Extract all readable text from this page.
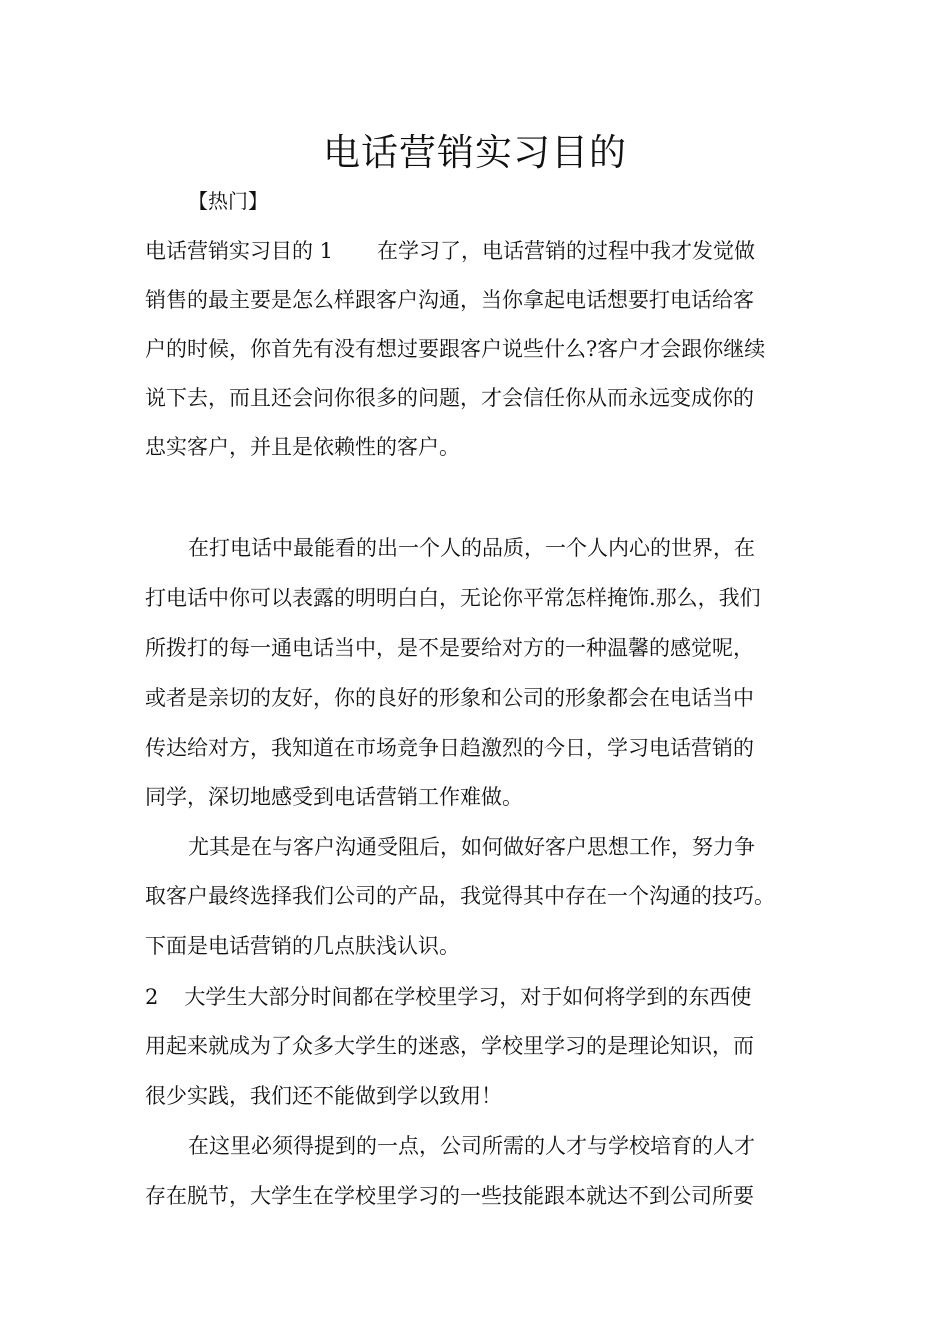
电话营销实习目的
【热门】
电话营销实习目的 1 在学习了，电话营销的过程中我才发觉做
销售的最主要是怎么样跟客户沟通，当你拿起电话想要打电话给客
户的时候，你首先有没有想过要跟客户说些什么?客户才会跟你继续
说下去，而且还会问你很多的问题，才会信任你从而永远变成你的
忠实客户，并且是依赖性的客户。
在打电话中最能看的出一个人的品质，一个人内心的世界，在
打电话中你可以表露的明明白白，无论你平常怎样掩饰.那么，我们
所拨打的每一通电话当中，是不是要给对方的一种温馨的感觉呢，
或者是亲切的友好，你的良好的形象和公司的形象都会在电话当中
传达给对方，我知道在市场竞争日趋激烈的今日，学习电话营销的
同学，深切地感受到电话营销工作难做。
尤其是在与客户沟通受阻后，如何做好客户思想工作，努力争
取客户最终选择我们公司的产品，我觉得其中存在一个沟通的技巧。
下面是电话营销的几点肤浅认识。
2 大学生大部分时间都在学校里学习，对于如何将学到的东西使
用起来就成为了众多大学生的迷惑，学校里学习的是理论知识，而
很少实践，我们还不能做到学以致用！
在这里必须得提到的一点，公司所需的人才与学校培育的人才
存在脱节，大学生在学校里学习的一些技能跟本就达不到公司所要
